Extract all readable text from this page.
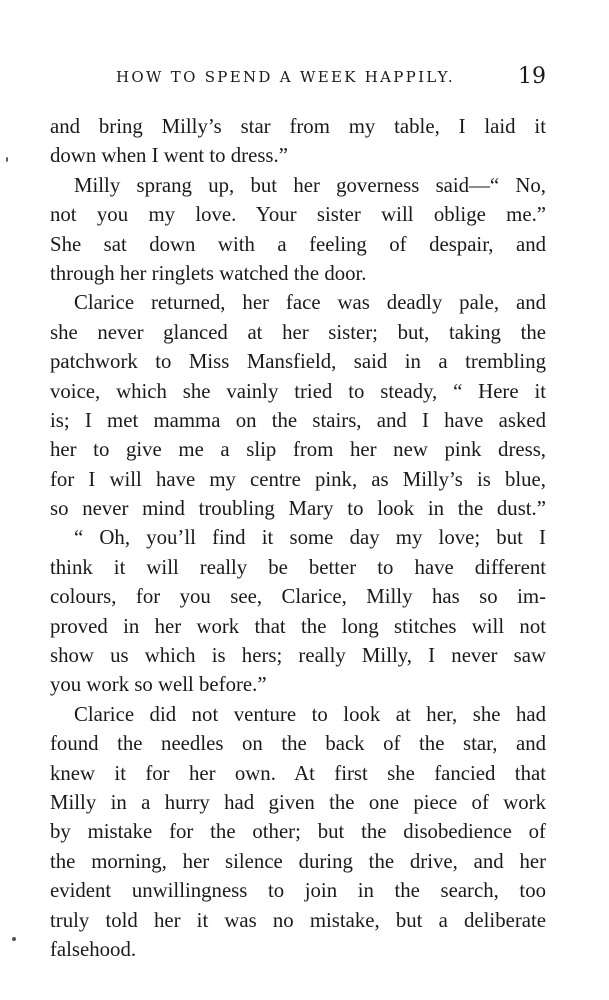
HOW TO SPEND A WEEK HAPPILY.	19
and bring Milly’s star from my table, I laid it
down when I went to dress.”
Milly sprang up, but her governess said—“ No,
not you my love. Your sister will oblige me.”
She sat down with a feeling of despair, and
through her ringlets watched the door.
Clarice returned, her face was deadly pale, and
she never glanced at her sister; but, taking the
patchwork to Miss Mansfield, said in a trembling
voice, which she vainly tried to steady, “ Here it
is; I met mamma on the stairs, and I have asked
her to give me a slip from her new pink dress,
for I will have my centre pink, as Milly’s is blue,
so never mind troubling Mary to look in the dust.”
“ Oh, you’ll find it some day my love; but I
think it will really be better to have different
colours, for you see, Clarice, Milly has so im-
proved in her work that the long stitches will not
show us which is hers; really Milly, I never saw
you work so well before.”
Clarice did not venture to look at her, she had
found the needles on the back of the star, and
knew it for her own. At first she fancied that
Milly in a hurry had given the one piece of work
by mistake for the other; but the disobedience of
the morning, her silence during the drive, and her
evident unwillingness to join in the search, too
truly told her it was no mistake, but a deliberate
falsehood.
